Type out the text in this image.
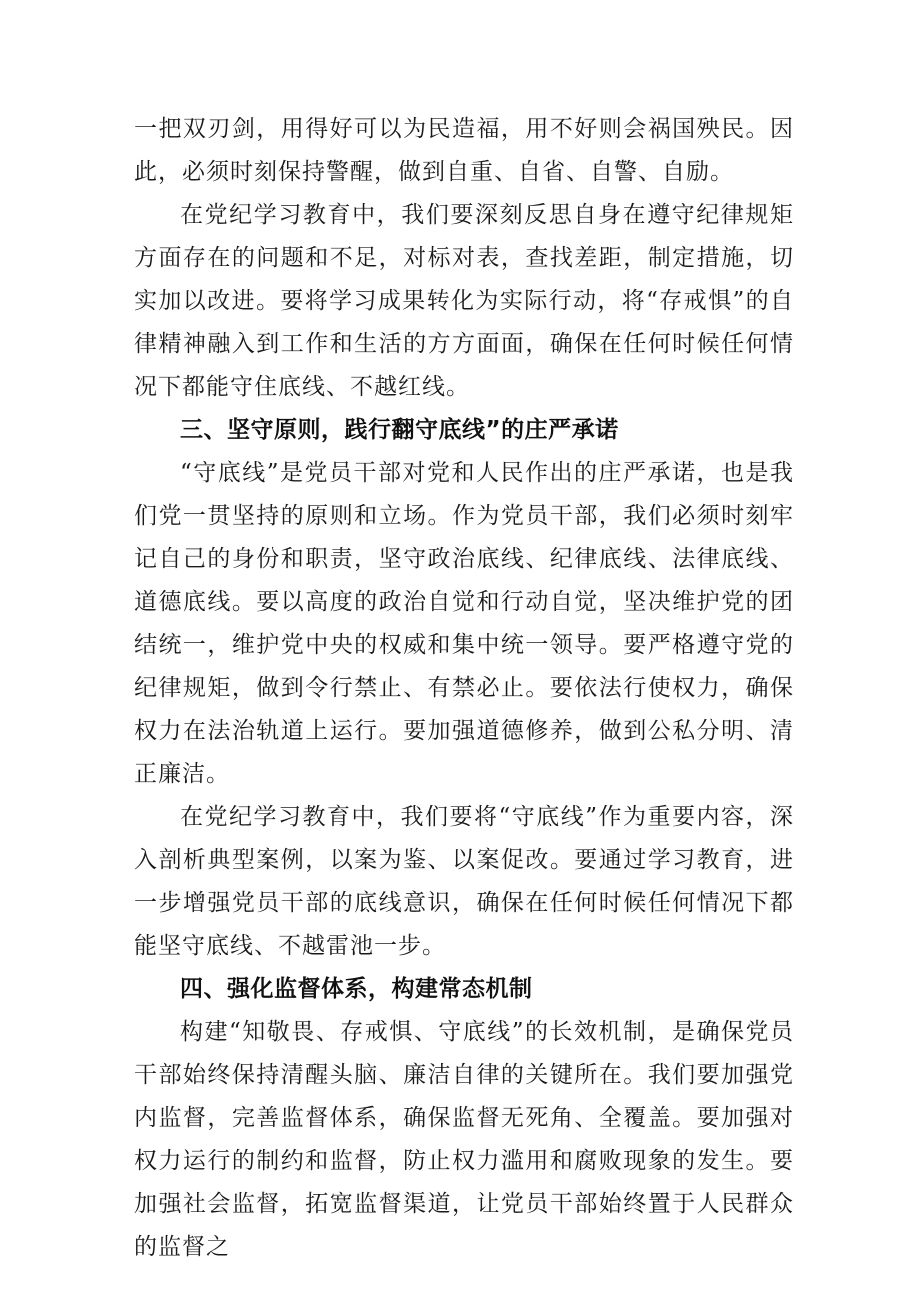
一把双刃剑，用得好可以为民造福，用不好则会祸国殃民。因此，必须时刻保持警醒，做到自重、自省、自警、自励。

在党纪学习教育中，我们要深刻反思自身在遵守纪律规矩方面存在的问题和不足，对标对表，查找差距，制定措施，切实加以改进。要将学习成果转化为实际行动，将“存戒惧”的自律精神融入到工作和生活的方方面面，确保在任何时候任何情况下都能守住底线、不越红线。

三、坚守原则，践行翻守底线”的庄严承诺

“守底线”是党员干部对党和人民作出的庄严承诺，也是我们党一贯坚持的原则和立场。作为党员干部，我们必须时刻牢记自己的身份和职责，坚守政治底线、纪律底线、法律底线、道德底线。要以高度的政治自觉和行动自觉，坚决维护党的团结统一，维护党中央的权威和集中统一领导。要严格遵守党的纪律规矩，做到令行禁止、有禁必止。要依法行使权力，确保权力在法治轨道上运行。要加强道德修养，做到公私分明、清正廉洁。

在党纪学习教育中，我们要将“守底线”作为重要内容，深入剖析典型案例，以案为鉴、以案促改。要通过学习教育，进一步增强党员干部的底线意识，确保在任何时候任何情况下都能坚守底线、不越雷池一步。

四、强化监督体系，构建常态机制

构建“知敬畏、存戒惧、守底线”的长效机制，是确保党员干部始终保持清醒头脑、廉洁自律的关键所在。我们要加强党内监督，完善监督体系，确保监督无死角、全覆盖。要加强对权力运行的制约和监督，防止权力滥用和腐败现象的发生。要加强社会监督，拓宽监督渠道，让党员干部始终置于人民群众的监督之
